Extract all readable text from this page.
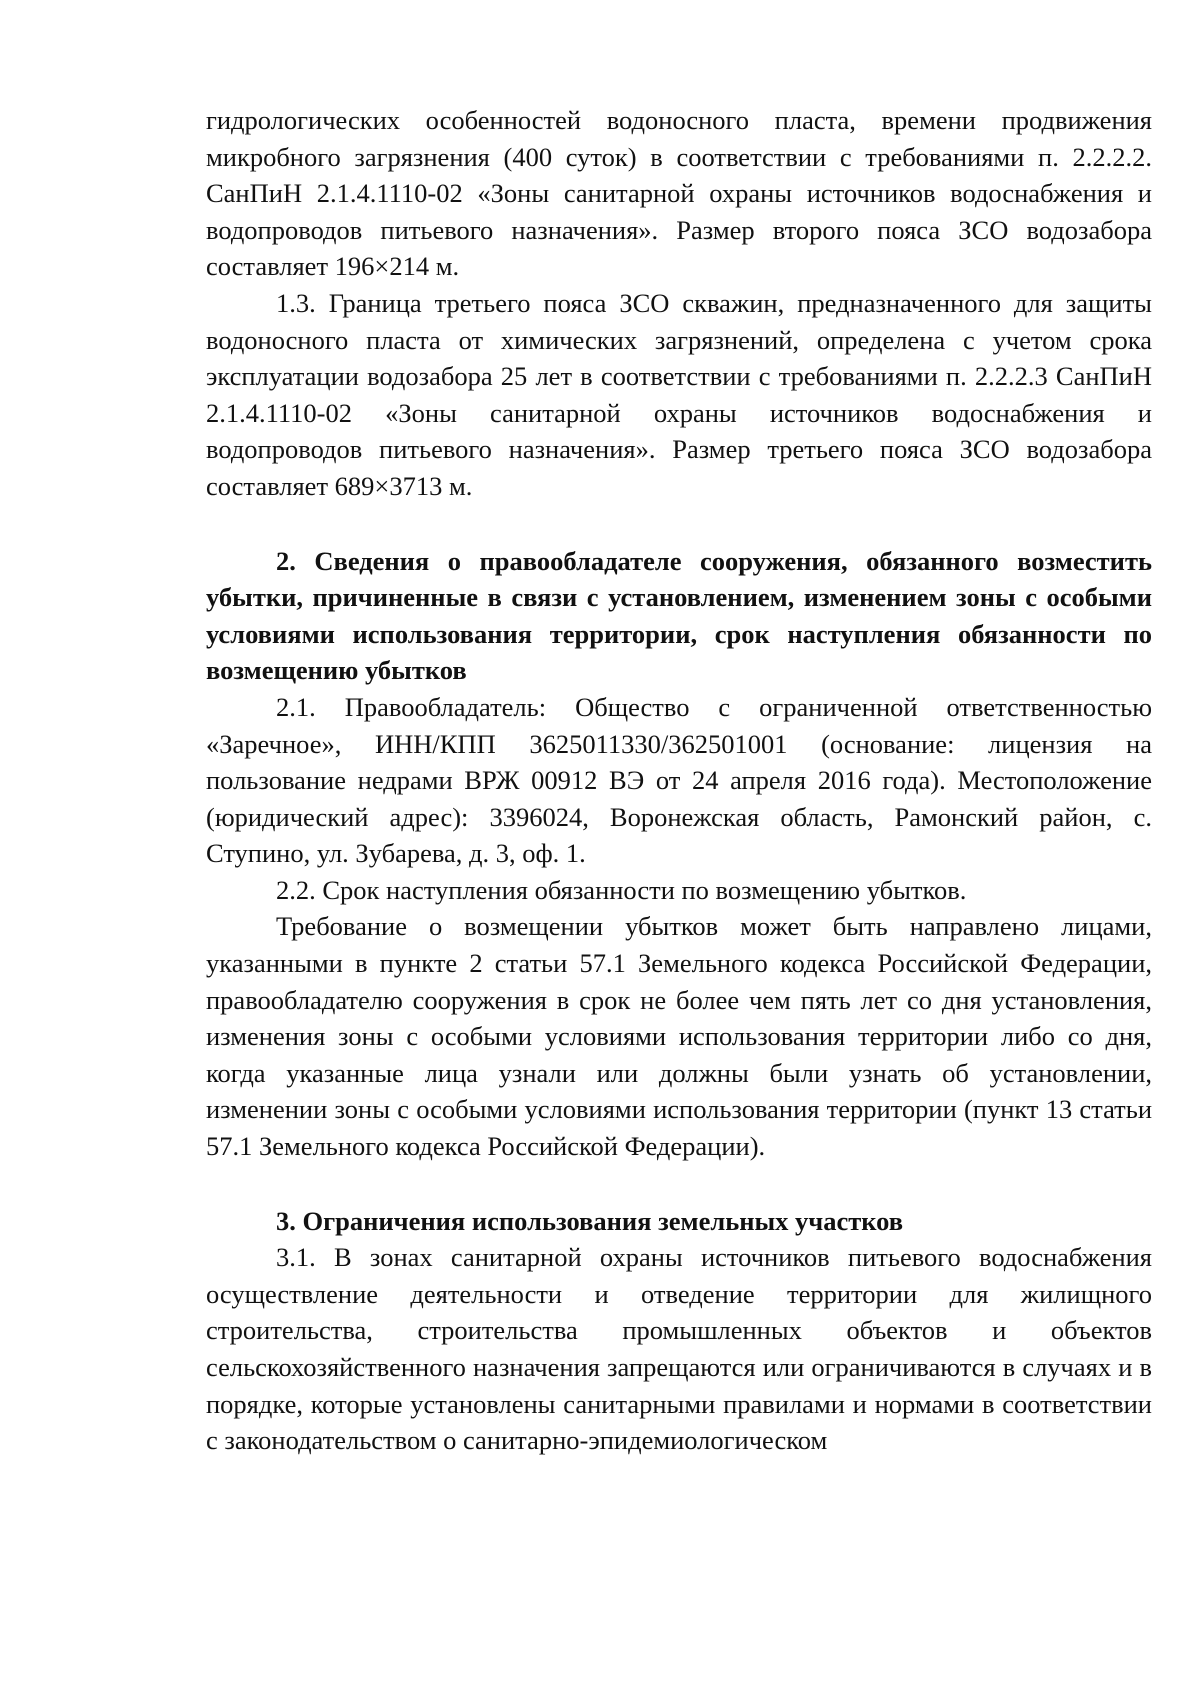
гидрологических особенностей водоносного пласта, времени продвижения микробного загрязнения (400 суток) в соответствии с требованиями п. 2.2.2.2. СанПиН 2.1.4.1110-02 «Зоны санитарной охраны источников водоснабжения и водопроводов питьевого назначения». Размер второго пояса ЗСО водозабора составляет 196×214 м.

1.3. Граница третьего пояса ЗСО скважин, предназначенного для защиты водоносного пласта от химических загрязнений, определена с учетом срока эксплуатации водозабора 25 лет в соответствии с требованиями п. 2.2.2.3 СанПиН 2.1.4.1110-02 «Зоны санитарной охраны источников водоснабжения и водопроводов питьевого назначения». Размер третьего пояса ЗСО водозабора составляет 689×3713 м.

2. Сведения о правообладателе сооружения, обязанного возместить убытки, причиненные в связи с установлением, изменением зоны с особыми условиями использования территории, срок наступления обязанности по возмещению убытков

2.1. Правообладатель: Общество с ограниченной ответственностью «Заречное», ИНН/КПП 3625011330/362501001 (основание: лицензия на пользование недрами ВРЖ 00912 ВЭ от 24 апреля 2016 года). Местоположение (юридический адрес): 3396024, Воронежская область, Рамонский район, с. Ступино, ул. Зубарева, д. 3, оф. 1.

2.2. Срок наступления обязанности по возмещению убытков.

Требование о возмещении убытков может быть направлено лицами, указанными в пункте 2 статьи 57.1 Земельного кодекса Российской Федерации, правообладателю сооружения в срок не более чем пять лет со дня установления, изменения зоны с особыми условиями использования территории либо со дня, когда указанные лица узнали или должны были узнать об установлении, изменении зоны с особыми условиями использования территории (пункт 13 статьи 57.1 Земельного кодекса Российской Федерации).

3. Ограничения использования земельных участков

3.1. В зонах санитарной охраны источников питьевого водоснабжения осуществление деятельности и отведение территории для жилищного строительства, строительства промышленных объектов и объектов сельскохозяйственного назначения запрещаются или ограничиваются в случаях и в порядке, которые установлены санитарными правилами и нормами в соответствии с законодательством о санитарно-эпидемиологическом
